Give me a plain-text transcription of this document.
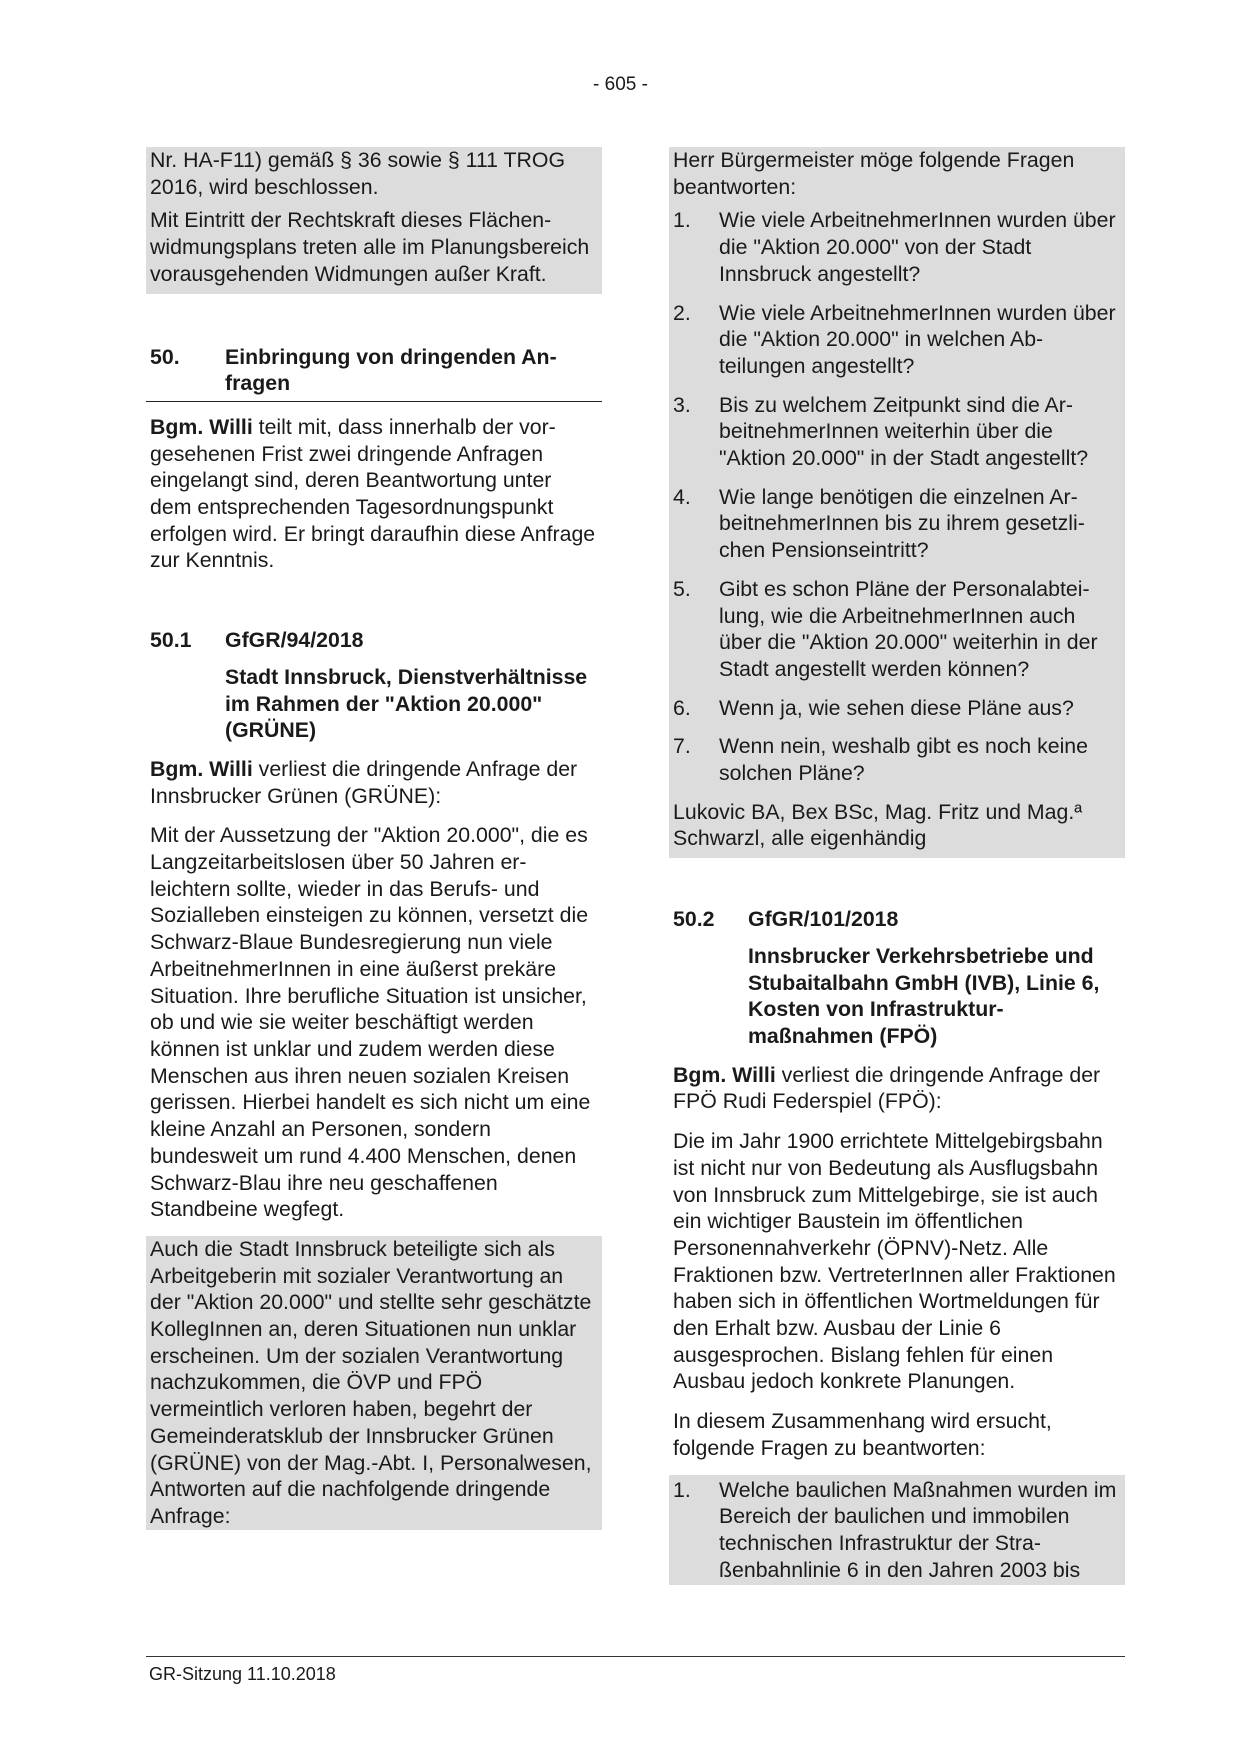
- 605 -
Nr. HA-F11) gemäß § 36 sowie § 111 TROG 2016, wird beschlossen.
Mit Eintritt der Rechtskraft dieses Flächenwidmungsplans treten alle im Planungsbereich vorausgehenden Widmungen außer Kraft.
50.	Einbringung von dringenden Anfragen
Bgm. Willi teilt mit, dass innerhalb der vorgesehenen Frist zwei dringende Anfragen eingelangt sind, deren Beantwortung unter dem entsprechenden Tagesordnungspunkt erfolgen wird. Er bringt daraufhin diese Anfrage zur Kenntnis.
50.1	GfGR/94/2018
Stadt Innsbruck, Dienstverhältnisse im Rahmen der "Aktion 20.000" (GRÜNE)
Bgm. Willi verliest die dringende Anfrage der Innsbrucker Grünen (GRÜNE):
Mit der Aussetzung der "Aktion 20.000", die es Langzeitarbeitslosen über 50 Jahren erleichtern sollte, wieder in das Berufs- und Sozialleben einsteigen zu können, versetzt die Schwarz-Blaue Bundesregierung nun viele ArbeitnehmerInnen in eine äußerst prekäre Situation. Ihre berufliche Situation ist unsicher, ob und wie sie weiter beschäftigt werden können ist unklar und zudem werden diese Menschen aus ihren neuen sozialen Kreisen gerissen. Hierbei handelt es sich nicht um eine kleine Anzahl an Personen, sondern bundesweit um rund 4.400 Menschen, denen Schwarz-Blau ihre neu geschaffenen Standbeine wegfegt.
Auch die Stadt Innsbruck beteiligte sich als Arbeitgeberin mit sozialer Verantwortung an der "Aktion 20.000" und stellte sehr geschätzte KollegInnen an, deren Situationen nun unklar erscheinen. Um der sozialen Verantwortung nachzukommen, die ÖVP und FPÖ vermeintlich verloren haben, begehrt der Gemeinderatsklub der Innsbrucker Grünen (GRÜNE) von der Mag.-Abt. I, Personalwesen, Antworten auf die nachfolgende dringende Anfrage:
Herr Bürgermeister möge folgende Fragen beantworten:
1.	Wie viele ArbeitnehmerInnen wurden über die "Aktion 20.000" von der Stadt Innsbruck angestellt?
2.	Wie viele ArbeitnehmerInnen wurden über die "Aktion 20.000" in welchen Abteilungen angestellt?
3.	Bis zu welchem Zeitpunkt sind die ArbeitnehmerInnen weiterhin über die "Aktion 20.000" in der Stadt angestellt?
4.	Wie lange benötigen die einzelnen ArbeitnehmerInnen bis zu ihrem gesetzlichen Pensionseintritt?
5.	Gibt es schon Pläne der Personalabteilung, wie die ArbeitnehmerInnen auch über die "Aktion 20.000" weiterhin in der Stadt angestellt werden können?
6.	Wenn ja, wie sehen diese Pläne aus?
7.	Wenn nein, weshalb gibt es noch keine solchen Pläne?
Lukovic BA, Bex BSc, Mag. Fritz und Mag.ª Schwarzl, alle eigenhändig
50.2	GfGR/101/2018
Innsbrucker Verkehrsbetriebe und Stubaitalbahn GmbH (IVB), Linie 6, Kosten von Infrastrukturmaßnahmen (FPÖ)
Bgm. Willi verliest die dringende Anfrage der FPÖ Rudi Federspiel (FPÖ):
Die im Jahr 1900 errichtete Mittelgebirgsbahn ist nicht nur von Bedeutung als Ausflugsbahn von Innsbruck zum Mittelgebirge, sie ist auch ein wichtiger Baustein im öffentlichen Personennahverkehr (ÖPNV)-Netz. Alle Fraktionen bzw. VertreterInnen aller Fraktionen haben sich in öffentlichen Wortmeldungen für den Erhalt bzw. Ausbau der Linie 6 ausgesprochen. Bislang fehlen für einen Ausbau jedoch konkrete Planungen.
In diesem Zusammenhang wird ersucht, folgende Fragen zu beantworten:
1.	Welche baulichen Maßnahmen wurden im Bereich der baulichen und immobilen technischen Infrastruktur der Straßenbahnlinie 6 in den Jahren 2003 bis
GR-Sitzung 11.10.2018
